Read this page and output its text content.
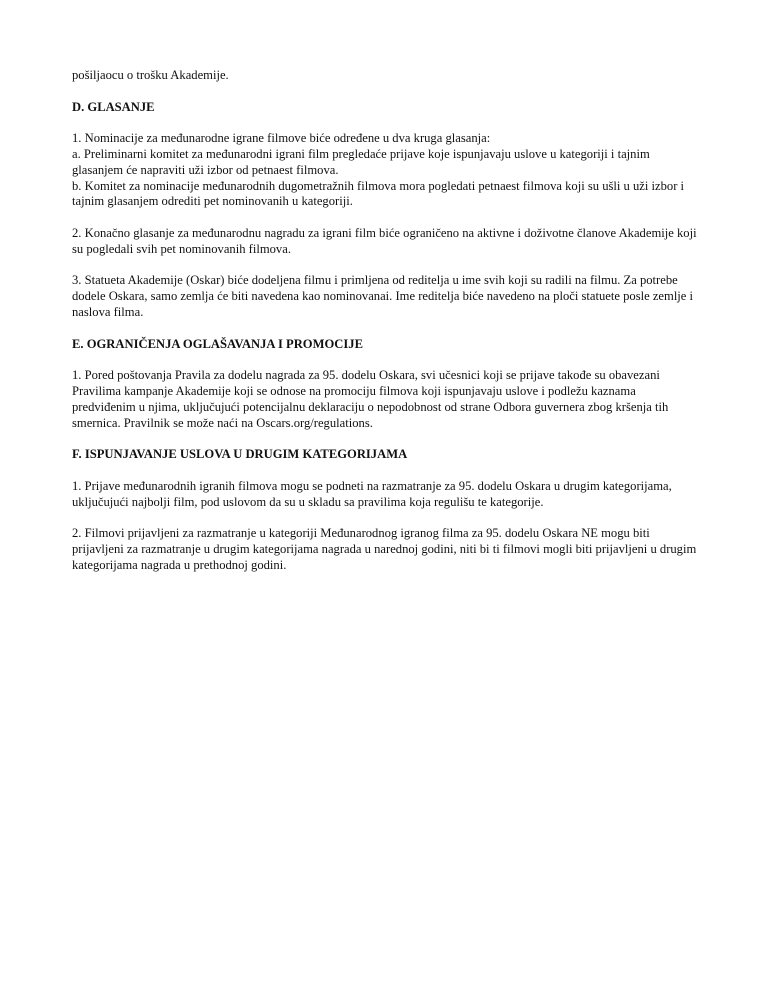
pošiljaocu o trošku Akademije.
D. GLASANJE
1. Nominacije za međunarodne igrane filmove biće određene u dva kruga glasanja:
a. Preliminarni komitet za međunarodni igrani film pregledaće prijave koje ispunjavaju uslove u kategoriji i tajnim
glasanjem će napraviti uži izbor od petnaest filmova.
b. Komitet za nominacije međunarodnih dugometražnih filmova mora pogledati petnaest filmova koji su ušli u uži izbor i
tajnim glasanjem odrediti pet nominovanih u kategoriji.
2. Konačno glasanje za međunarodnu nagradu za igrani film biće ograničeno na aktivne i doživotne članove Akademije koji
su pogledali svih pet nominovanih filmova.
3. Statueta Akademije (Oskar) biće dodeljena filmu i primljena od reditelja u ime svih koji su radili na filmu. Za potrebe
dodele Oskara, samo zemlja će biti navedena kao nominovanai. Ime reditelja biće navedeno na ploči statuete posle zemlje i
naslova filma.
E. OGRANIČENJA OGLAŠAVANJA I PROMOCIJE
1. Pored poštovanja Pravila za dodelu nagrada za 95. dodelu Oskara, svi učesnici koji se prijave takođe su obavezani
Pravilima kampanje Akademije koji se odnose na promociju filmova koji ispunjavaju uslove i podležu kaznama
predviđenim u njima, uključujući potencijalnu deklaraciju o nepodobnost od strane Odbora guvernera zbog kršenja tih
smernica. Pravilnik se može naći na Oscars.org/regulations.
F. ISPUNJAVANJE USLOVA U DRUGIM KATEGORIJAMA
1. Prijave međunarodnih igranih filmova mogu se podneti na razmatranje za 95. dodelu Oskara u drugim kategorijama,
uključujući najbolji film, pod uslovom da su u skladu sa pravilima koja regulišu te kategorije.
2. Filmovi prijavljeni za razmatranje u kategoriji Međunarodnog igranog filma za 95. dodelu Oskara NE mogu biti
prijavljeni za razmatranje u drugim kategorijama nagrada u narednoj godini, niti bi ti filmovi mogli biti prijavljeni u drugim
kategorijama nagrada u prethodnoj godini.
